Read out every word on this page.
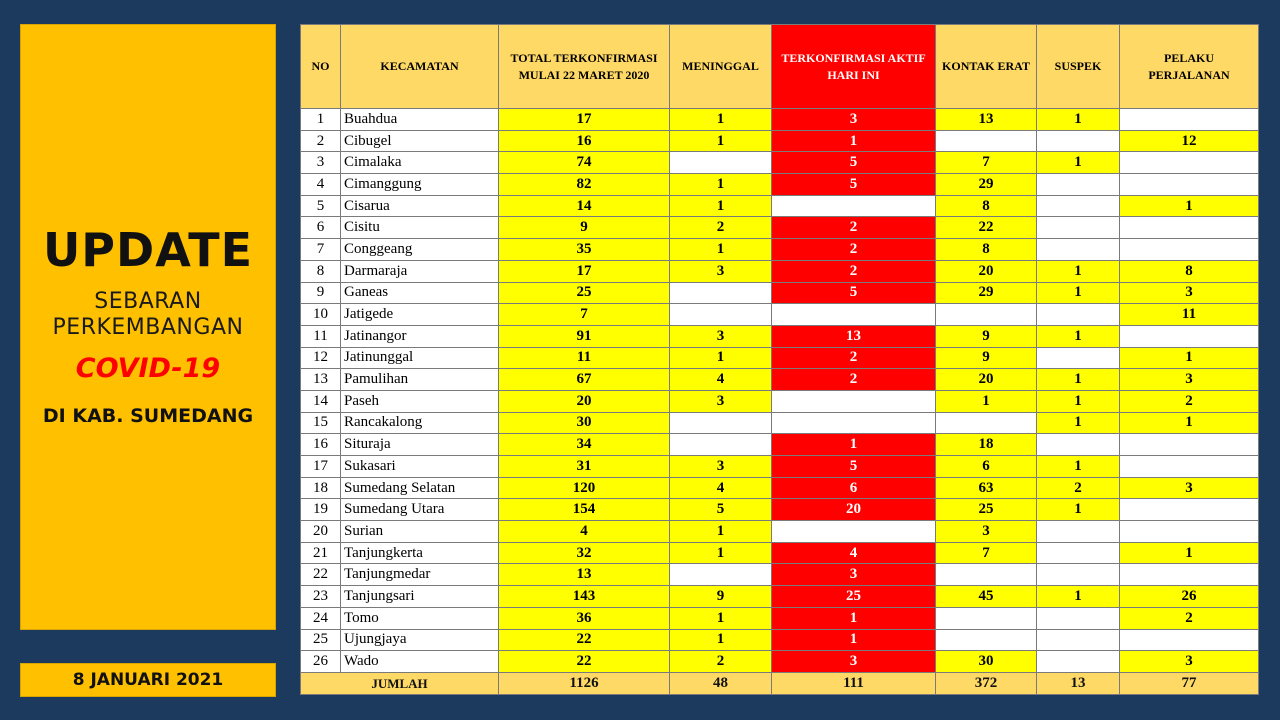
UPDATE
SEBARAN
PERKEMBANGAN
COVID-19
DI KAB. SUMEDANG
8 JANUARI 2021
NO	KECAMATAN	TOTAL TERKONFIRMASI MULAI 22 MARET 2020	MENINGGAL	TERKONFIRMASI AKTIF HARI INI	KONTAK ERAT	SUSPEK	PELAKU PERJALANAN
1	Buahdua	17	1	3	13	1	
2	Cibugel	16	1	1			12
3	Cimalaka	74		5	7	1	
4	Cimanggung	82	1	5	29		
5	Cisarua	14	1		8		1
6	Cisitu	9	2	2	22		
7	Conggeang	35	1	2	8		
8	Darmaraja	17	3	2	20	1	8
9	Ganeas	25		5	29	1	3
10	Jatigede	7					11
11	Jatinangor	91	3	13	9	1	
12	Jatinunggal	11	1	2	9		1
13	Pamulihan	67	4	2	20	1	3
14	Paseh	20	3		1	1	2
15	Rancakalong	30				1	1
16	Situraja	34		1	18		
17	Sukasari	31	3	5	6	1	
18	Sumedang Selatan	120	4	6	63	2	3
19	Sumedang Utara	154	5	20	25	1	
20	Surian	4	1		3		
21	Tanjungkerta	32	1	4	7		1
22	Tanjungmedar	13		3			
23	Tanjungsari	143	9	25	45	1	26
24	Tomo	36	1	1			2
25	Ujungjaya	22	1	1			
26	Wado	22	2	3	30		3
JUMLAH		1126	48	111	372	13	77
